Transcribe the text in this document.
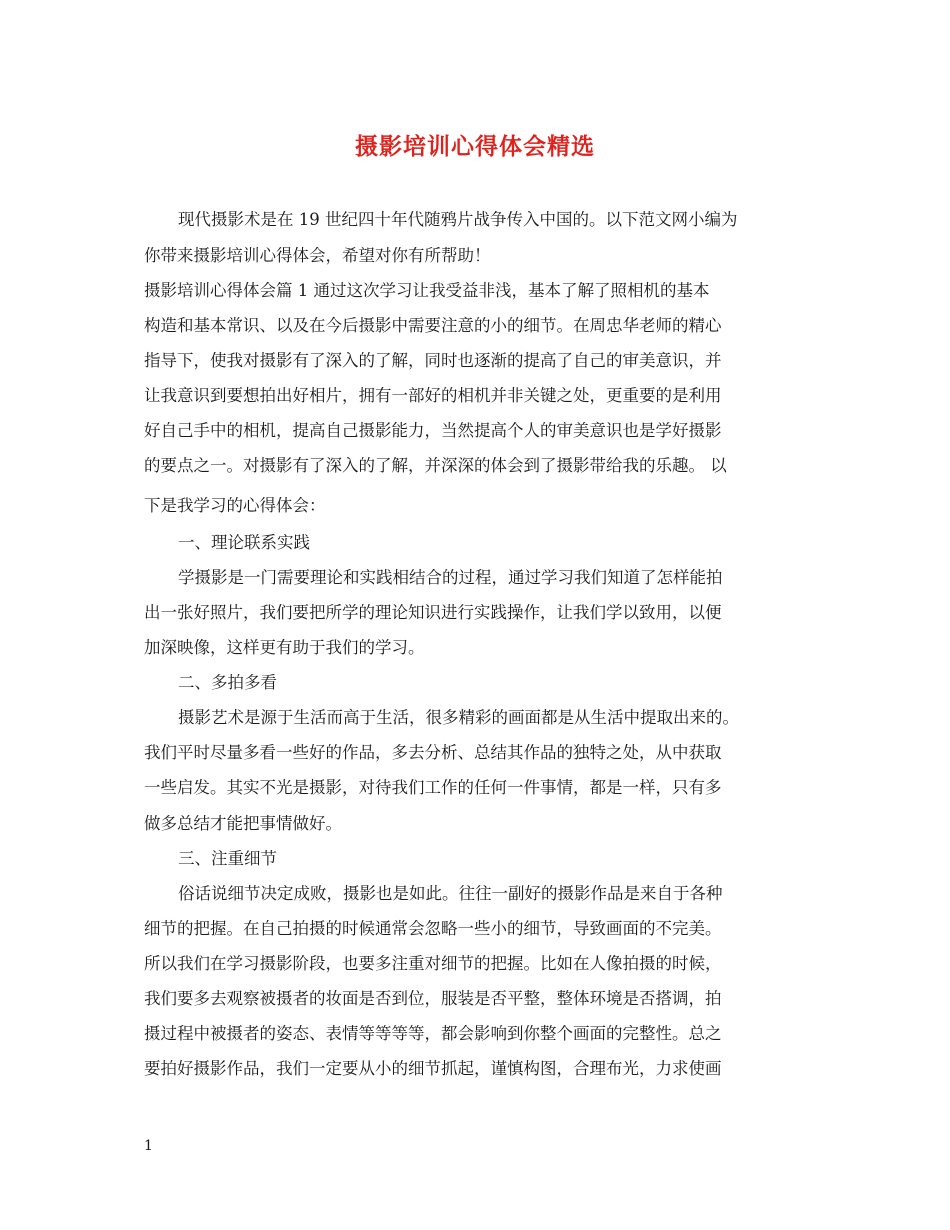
摄影培训心得体会精选
现代摄影术是在 19 世纪四十年代随鸦片战争传入中国的。以下范文网小编为
你带来摄影培训心得体会，希望对你有所帮助！
摄影培训心得体会篇 1 通过这次学习让我受益非浅，基本了解了照相机的基本
构造和基本常识、以及在今后摄影中需要注意的小的细节。在周忠华老师的精心
指导下，使我对摄影有了深入的了解，同时也逐渐的提高了自己的审美意识，并
让我意识到要想拍出好相片，拥有一部好的相机并非关键之处，更重要的是利用
好自己手中的相机，提高自己摄影能力，当然提高个人的审美意识也是学好摄影
的要点之一。对摄影有了深入的了解，并深深的体会到了摄影带给我的乐趣。 以
下是我学习的心得体会：
一、理论联系实践
学摄影是一门需要理论和实践相结合的过程，通过学习我们知道了怎样能拍
出一张好照片，我们要把所学的理论知识进行实践操作，让我们学以致用，以便
加深映像，这样更有助于我们的学习。
二、多拍多看
摄影艺术是源于生活而高于生活，很多精彩的画面都是从生活中提取出来的。
我们平时尽量多看一些好的作品，多去分析、总结其作品的独特之处，从中获取
一些启发。其实不光是摄影，对待我们工作的任何一件事情，都是一样，只有多
做多总结才能把事情做好。
三、注重细节
俗话说细节决定成败，摄影也是如此。往往一副好的摄影作品是来自于各种
细节的把握。在自己拍摄的时候通常会忽略一些小的细节，导致画面的不完美。
所以我们在学习摄影阶段，也要多注重对细节的把握。比如在人像拍摄的时候，
我们要多去观察被摄者的妆面是否到位，服装是否平整，整体环境是否搭调，拍
摄过程中被摄者的姿态、表情等等等等，都会影响到你整个画面的完整性。总之
要拍好摄影作品，我们一定要从小的细节抓起，谨慎构图，合理布光，力求使画
1
